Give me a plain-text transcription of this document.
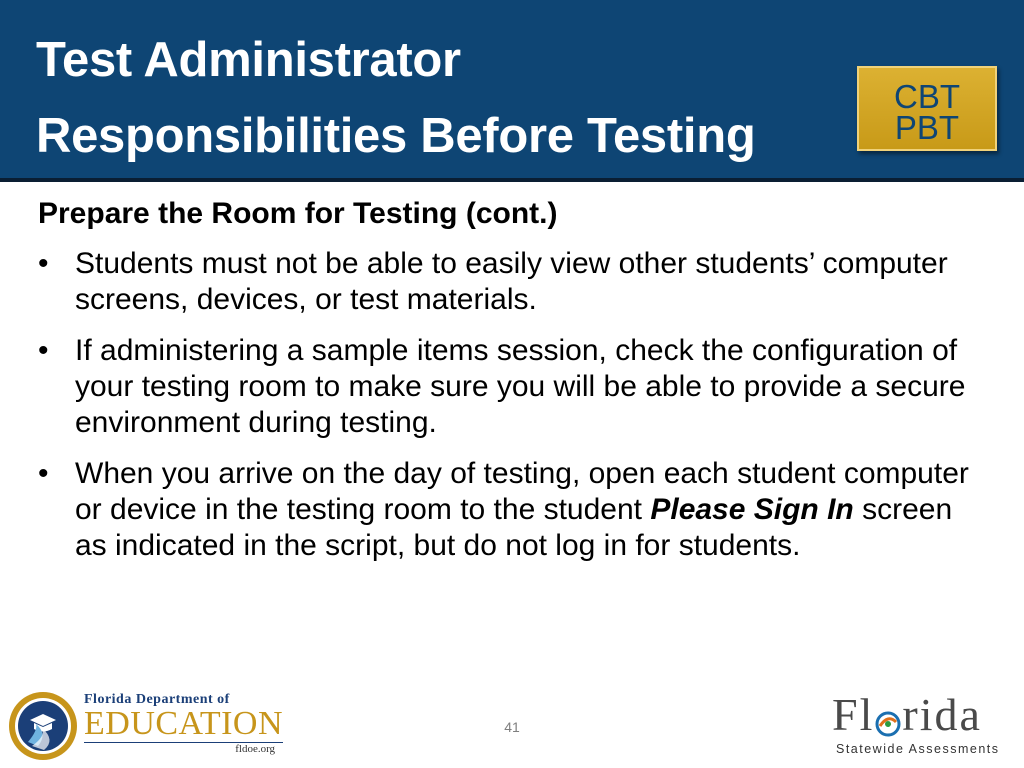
Test Administrator
Responsibilities Before Testing
CBT
PBT
Prepare the Room for Testing (cont.)
• Students must not be able to easily view other students’ computer screens, devices, or test materials.
• If administering a sample items session, check the configuration of your testing room to make sure you will be able to provide a secure environment during testing.
• When you arrive on the day of testing, open each student computer or device in the testing room to the student Please Sign In screen as indicated in the script, but do not log in for students.
Florida Department of
EDUCATION
fldoe.org
41	Fl rida
Statewide Assessments
